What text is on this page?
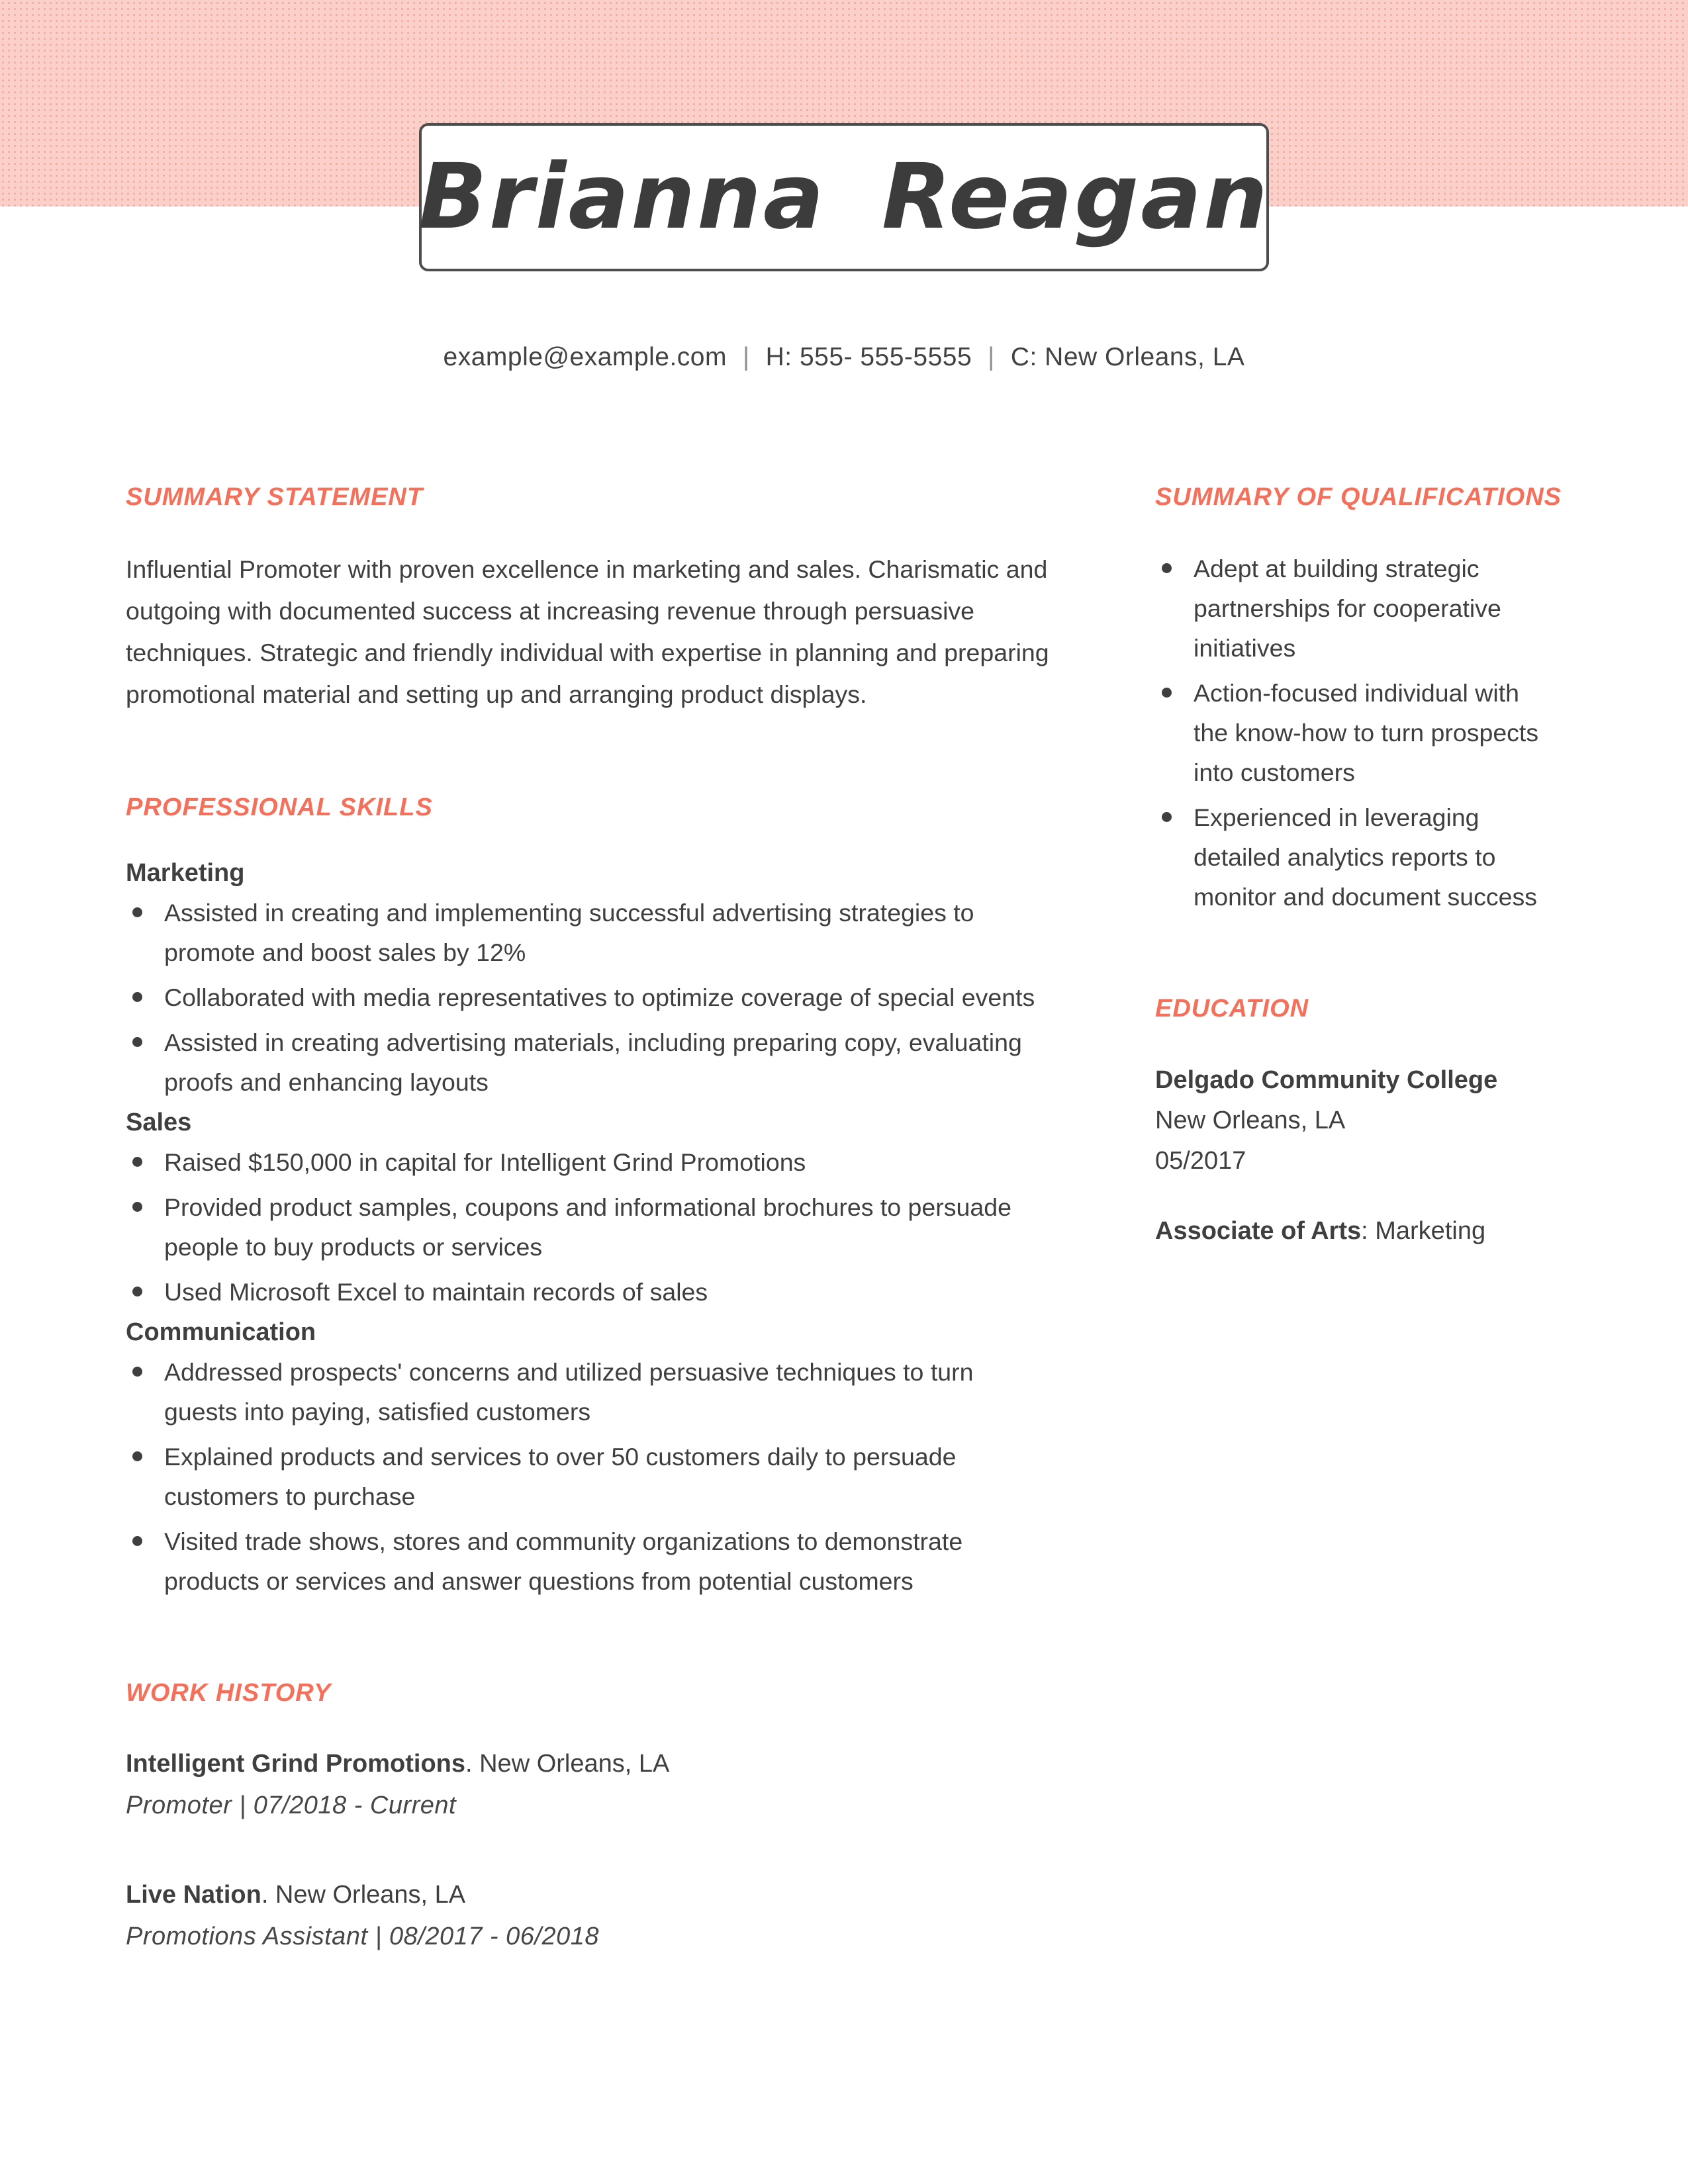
Brianna Reagan
example@example.com | H: 555- 555-5555 | C: New Orleans, LA
SUMMARY STATEMENT

Influential Promoter with proven excellence in marketing and sales. Charismatic and outgoing with documented success at increasing revenue through persuasive techniques. Strategic and friendly individual with expertise in planning and preparing promotional material and setting up and arranging product displays.

PROFESSIONAL SKILLS
Marketing
Assisted in creating and implementing successful advertising strategies to promote and boost sales by 12%
Collaborated with media representatives to optimize coverage of special events
Assisted in creating advertising materials, including preparing copy, evaluating proofs and enhancing layouts
Sales
Raised $150,000 in capital for Intelligent Grind Promotions
Provided product samples, coupons and informational brochures to persuade people to buy products or services
Used Microsoft Excel to maintain records of sales
Communication
Addressed prospects' concerns and utilized persuasive techniques to turn guests into paying, satisfied customers
Explained products and services to over 50 customers daily to persuade customers to purchase
Visited trade shows, stores and community organizations to demonstrate products or services and answer questions from potential customers
WORK HISTORY

Intelligent Grind Promotions. New Orleans, LA

Promoter | 07/2018 - Current

Live Nation. New Orleans, LA

Promotions Assistant | 08/2017 - 06/2018

SUMMARY OF QUALIFICATIONS
Adept at building strategic partnerships for cooperative initiatives
Action-focused individual with the know-how to turn prospects into customers
Experienced in leveraging detailed analytics reports to monitor and document success
EDUCATION

Delgado Community College

New Orleans, LA

05/2017

Associate of Arts: Marketing
